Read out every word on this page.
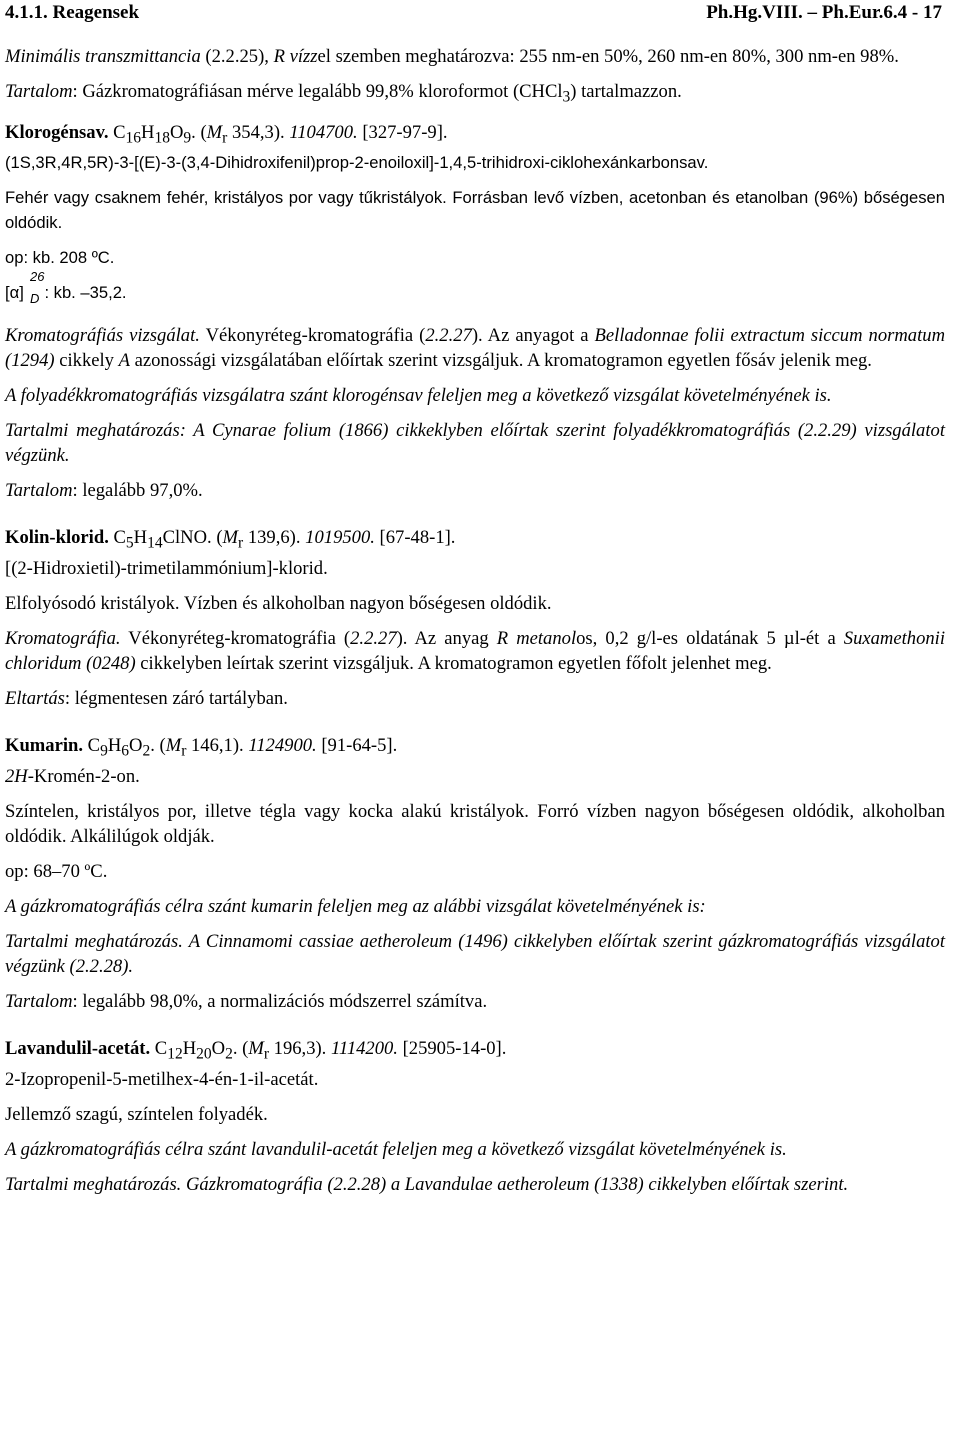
4.1.1. Reagensek	Ph.Hg.VIII. – Ph.Eur.6.4 - 17

Minimális transzmittancia (2.2.25), R vízzel szemben meghatározva: 255 nm-en 50%, 260 nm-en 80%, 300 nm-en 98%.

Tartalom: Gázkromatográfiásan mérve legalább 99,8% kloroformot (CHCl$_3$) tartalmazzon.

Klorogénsav. $C_{16}H_{18}O_9$. ($M_r$ 354,3). 1104700. [327-97-9].

(1S,3R,4R,5R)-3-[(E)-3-(3,4-Dihidroxifenil)prop-2-enoiloxil]-1,4,5-trihidroxi-ciklohexánkarbonsav.

Fehér vagy csaknem fehér, kristályos por vagy tűkristályok. Forrásban levő vízben, acetonban és etanolban (96%) bőségesen oldódik.

op: kb. 208 ºC.

[α]
26
D : kb. –35,2.

Kromatográfiás vizsgálat. Vékonyréteg-kromatográfia (2.2.27). Az anyagot a Belladonnae folii extractum siccum normatum (1294) cikkely A azonossági vizsgálatában előírtak szerint vizsgáljuk. A kromatogramon egyetlen fősáv jelenik meg.

A folyadékkromatográfiás vizsgálatra szánt klorogénsav feleljen meg a következő vizsgálat követelményének is.

Tartalmi meghatározás: A Cynarae folium (1866) cikkeklyben előírtak szerint folyadékkromatográfiás (2.2.29) vizsgálatot végzünk.

Tartalom: legalább 97,0%.

Kolin-klorid. $C_5H_{14}ClNO$. ($M_r$ 139,6). 1019500. [67-48-1].

[(2-Hidroxietil)-trimetilammónium]-klorid.

Elfolyósodó kristályok. Vízben és alkoholban nagyon bőségesen oldódik.

Kromatográfia. Vékonyréteg-kromatográfia (2.2.27). Az anyag R metanolos, 0,2 g/l-es oldatának 5 µl-ét a Suxamethonii chloridum (0248) cikkelyben leírtak szerint vizsgáljuk. A kromatogramon egyetlen főfolt jelenhet meg.

Eltartás: légmentesen záró tartályban.

Kumarin. $C_9H_6O_2$. ($M_r$ 146,1). 1124900. [91-64-5].

2H-Kromén-2-on.

Színtelen, kristályos por, illetve tégla vagy kocka alakú kristályok. Forró vízben nagyon bőségesen oldódik, alkoholban oldódik. Alkálilúgok oldják.

op: 68–70 ºC.

A gázkromatográfiás célra szánt kumarin feleljen meg az alábbi vizsgálat követelményének is:

Tartalmi meghatározás. A Cinnamomi cassiae aetheroleum (1496) cikkelyben előírtak szerint gázkromatográfiás vizsgálatot végzünk (2.2.28).

Tartalom: legalább 98,0%, a normalizációs módszerrel számítva.

Lavandulil-acetát. $C_{12}H_{20}O_2$. ($M_r$ 196,3). 1114200. [25905-14-0].

2-Izopropenil-5-metilhex-4-én-1-il-acetát.

Jellemző szagú, színtelen folyadék.

A gázkromatográfiás célra szánt lavandulil-acetát feleljen meg a következő vizsgálat követelményének is.

Tartalmi meghatározás. Gázkromatográfia (2.2.28) a Lavandulae aetheroleum (1338) cikkelyben előírtak szerint.
